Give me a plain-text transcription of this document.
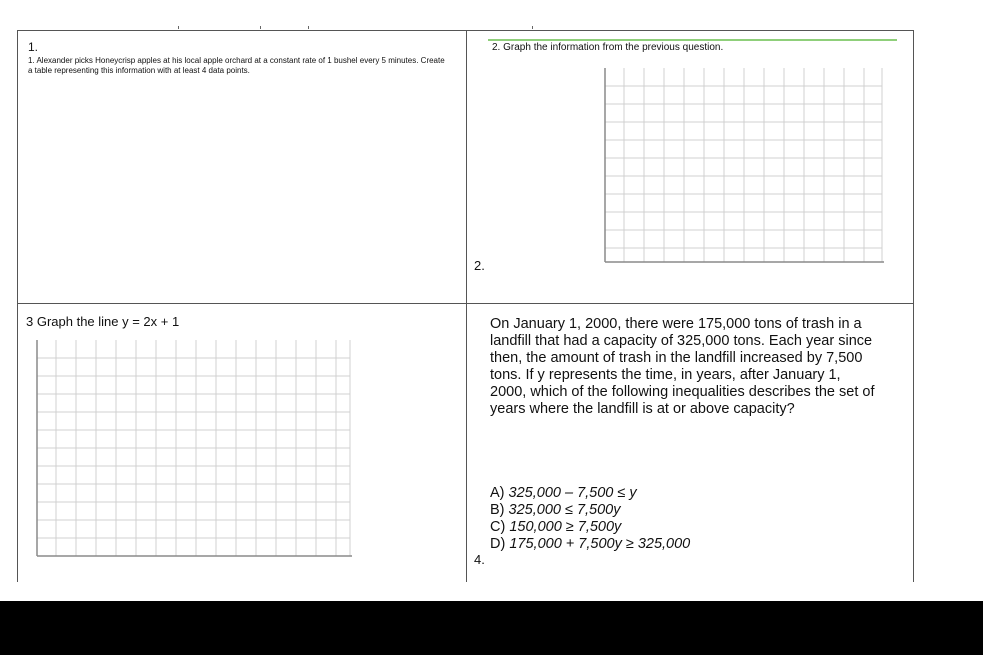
1.
1. Alexander picks Honeycrisp apples at his local apple orchard at a constant rate of 1 bushel every 5 minutes. Create a table representing this information with at least 4 data points.
2. Graph the information from the previous question.
2.
3 Graph the line y = 2x + 1	On January 1, 2000, there were 175,000 tons of trash in a landfill that had a capacity of 325,000 tons. Each year since then, the amount of trash in the landfill increased by 7,500 tons. If y represents the time, in years, after January 1, 2000, which of the following inequalities describes the set of years where the landfill is at or above capacity?
A) 325,000 – 7,500 ≤ y
B) 325,000 ≤ 7,500y
C) 150,000 ≥ 7,500y
D) 175,000 + 7,500y ≥ 325,000
4.
